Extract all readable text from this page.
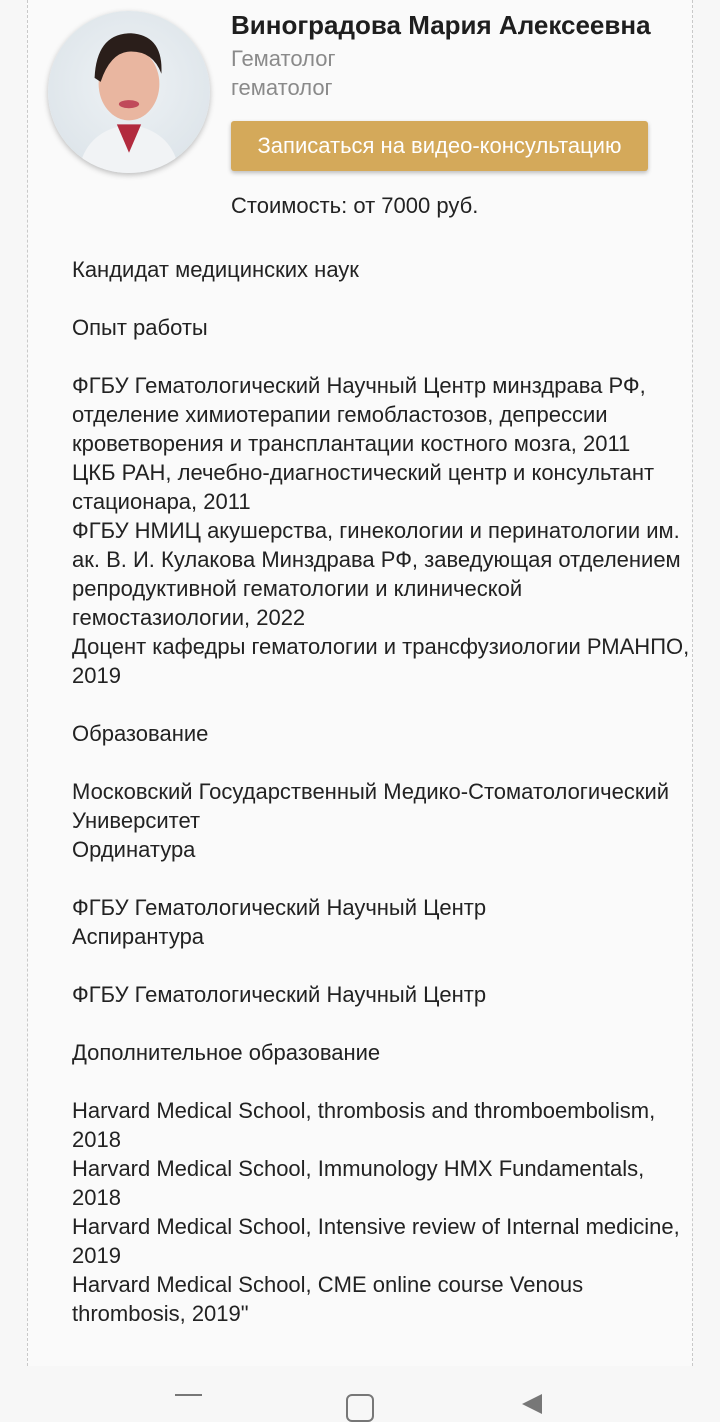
Виноградова Мария Алексеевна
Гематолог
гематолог
Записаться на видео-консультацию
Стоимость: от 7000 руб.

Кандидат медицинских наук

Опыт работы

ФГБУ Гематологический Научный Центр минздрава РФ, отделение химиотерапии гемобластозов, депрессии кроветворения и трансплантации костного мозга, 2011

ЦКБ РАН, лечебно-диагностический центр и консультант стационара, 2011

ФГБУ НМИЦ акушерства, гинекологии и перинатологии им. ак. В. И. Кулакова Минздрава РФ, заведующая отделением репродуктивной гематологии и клинической гемостазиологии, 2022

Доцент кафедры гематологии и трансфузиологии РМАНПО, 2019

Образование

Московский Государственный Медико-Стоматологический Университет

Ординатура

ФГБУ Гематологический Научный Центр

Аспирантура

ФГБУ Гематологический Научный Центр

Дополнительное образование

Harvard Medical School, thrombosis and thromboembolism, 2018

Harvard Medical School, Immunology HMX Fundamentals, 2018

Harvard Medical School, Intensive review of Internal medicine, 2019

Harvard Medical School, CME online course Venous thrombosis, 2019"
